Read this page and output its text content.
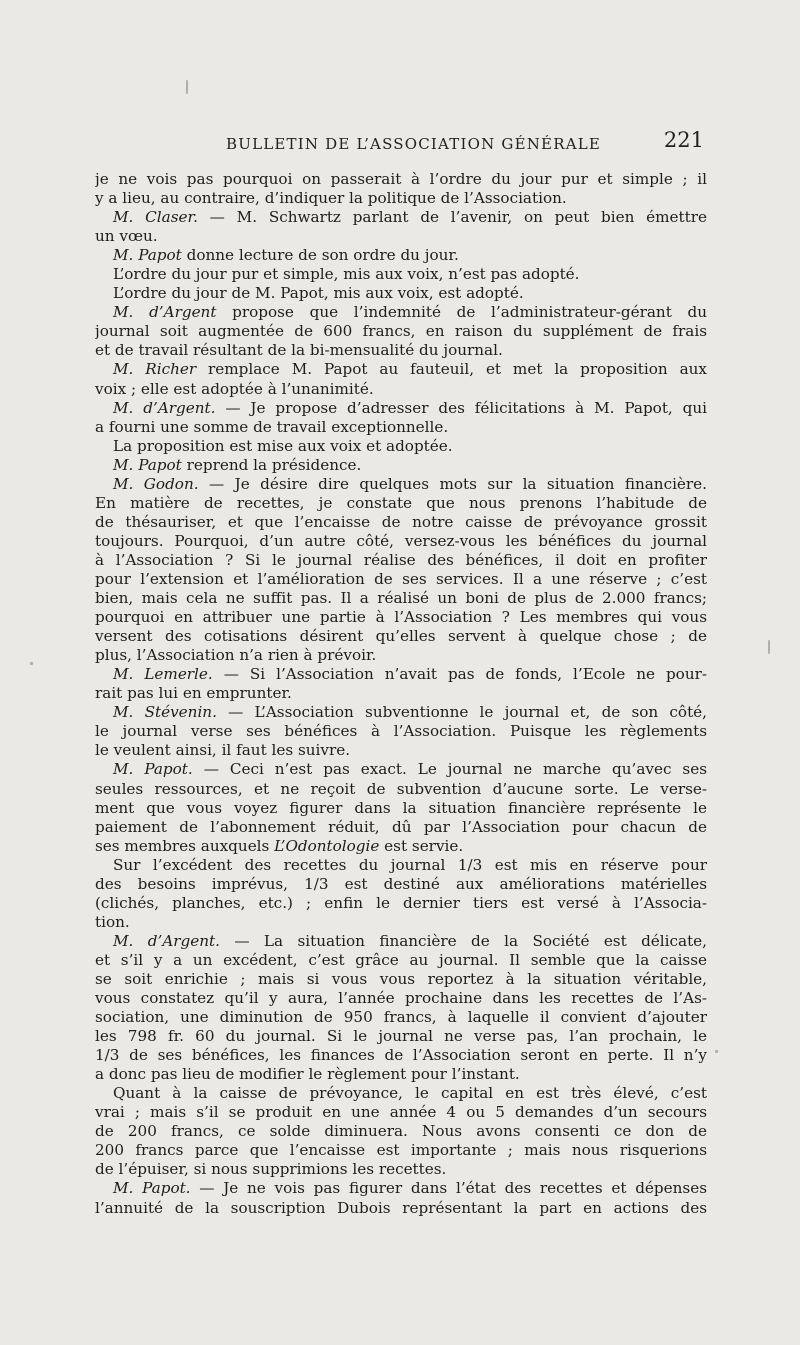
BULLETIN DE L’ASSOCIATION GÉNÉRALE	221
je ne vois pas pourquoi on passerait à l’ordre du jour pur et simple ; il
y a lieu, au contraire, d’indiquer la politique de l’Association.
M. Claser. — M. Schwartz parlant de l’avenir, on peut bien émettre
un vœu.
M. Papot donne lecture de son ordre du jour.
L’ordre du jour pur et simple, mis aux voix, n’est pas adopté.
L’ordre du jour de M. Papot, mis aux voix, est adopté.
M. d’Argent propose que l’indemnité de l’administrateur-gérant du
journal soit augmentée de 600 francs, en raison du supplément de frais
et de travail résultant de la bi-mensualité du journal.
M. Richer remplace M. Papot au fauteuil, et met la proposition aux
voix ; elle est adoptée à l’unanimité.
M. d’Argent. — Je propose d’adresser des félicitations à M. Papot, qui
a fourni une somme de travail exceptionnelle.
La proposition est mise aux voix et adoptée.
M. Papot reprend la présidence.
M. Godon. — Je désire dire quelques mots sur la situation financière.
En matière de recettes, je constate que nous prenons l’habitude de
de thésauriser, et que l’encaisse de notre caisse de prévoyance grossit
toujours. Pourquoi, d’un autre côté, versez-vous les bénéfices du journal
à l’Association ? Si le journal réalise des bénéfices, il doit en profiter
pour l’extension et l’amélioration de ses services. Il a une réserve ; c’est
bien, mais cela ne suffit pas. Il a réalisé un boni de plus de 2.000 francs;
pourquoi en attribuer une partie à l’Association ? Les membres qui vous
versent des cotisations désirent qu’elles servent à quelque chose ; de
plus, l’Association n’a rien à prévoir.
M. Lemerle. — Si l’Association n’avait pas de fonds, l’Ecole ne pour-
rait pas lui en emprunter.
M. Stévenin. — L’Association subventionne le journal et, de son côté,
le journal verse ses bénéfices à l’Association. Puisque les règlements
le veulent ainsi, il faut les suivre.
M. Papot. — Ceci n’est pas exact. Le journal ne marche qu’avec ses
seules ressources, et ne reçoit de subvention d’aucune sorte. Le verse-
ment que vous voyez figurer dans la situation financière représente le
paiement de l’abonnement réduit, dû par l’Association pour chacun de
ses membres auxquels L’Odontologie est servie.
Sur l’excédent des recettes du journal 1/3 est mis en réserve pour
des besoins imprévus, 1/3 est destiné aux améliorations matérielles
(clichés, planches, etc.) ; enfin le dernier tiers est versé à l’Associa-
tion.
M. d’Argent. — La situation financière de la Société est délicate,
et s’il y a un excédent, c’est grâce au journal. Il semble que la caisse
se soit enrichie ; mais si vous vous reportez à la situation véritable,
vous constatez qu’il y aura, l’année prochaine dans les recettes de l’As-
sociation, une diminution de 950 francs, à laquelle il convient d’ajouter
les 798 fr. 60 du journal. Si le journal ne verse pas, l’an prochain, le
1/3 de ses bénéfices, les finances de l’Association seront en perte. Il n’y
a donc pas lieu de modifier le règlement pour l’instant.
Quant à la caisse de prévoyance, le capital en est très élevé, c’est
vrai ; mais s’il se produit en une année 4 ou 5 demandes d’un secours
de 200 francs, ce solde diminuera. Nous avons consenti ce don de
200 francs parce que l’encaisse est importante ; mais nous risquerions
de l’épuiser, si nous supprimions les recettes.
M. Papot. — Je ne vois pas figurer dans l’état des recettes et dépenses
l’annuité de la souscription Dubois représentant la part en actions des
